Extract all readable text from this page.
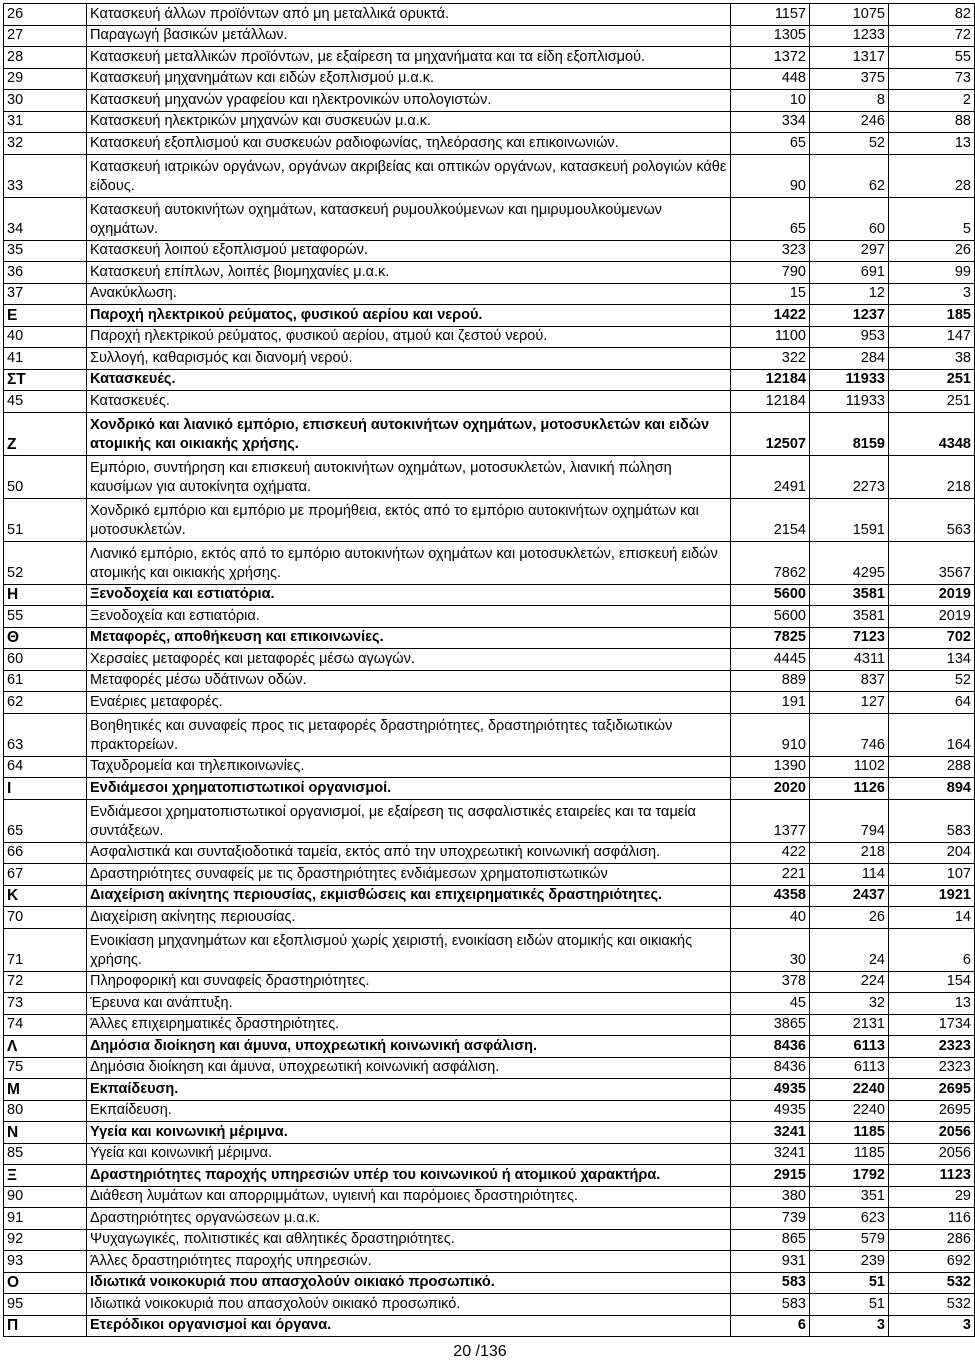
26	Κατασκευή άλλων προϊόντων από μη μεταλλικά ορυκτά.	1157	1075	82
27	Παραγωγή βασικών μετάλλων.	1305	1233	72
28	Κατασκευή μεταλλικών προϊόντων, με εξαίρεση τα μηχανήματα και τα είδη εξοπλισμού.	1372	1317	55
29	Κατασκευή μηχανημάτων και ειδών εξοπλισμού μ.α.κ.	448	375	73
30	Κατασκευή μηχανών γραφείου και ηλεκτρονικών υπολογιστών.	10	8	2
31	Κατασκευή ηλεκτρικών μηχανών και συσκευών μ.α.κ.	334	246	88
32	Κατασκευή εξοπλισμού και συσκευών ραδιοφωνίας, τηλεόρασης και επικοινωνιών.	65	52	13
33	Κατασκευή ιατρικών οργάνων, οργάνων ακριβείας και οπτικών οργάνων, κατασκευή ρολογιών κάθε είδους.	90	62	28
34	Κατασκευή αυτοκινήτων οχημάτων, κατασκευή ρυμουλκούμενων και ημιρυμουλκούμενων οχημάτων.	65	60	5
35	Κατασκευή λοιπού εξοπλισμού μεταφορών.	323	297	26
36	Κατασκευή επίπλων, λοιπές βιομηχανίες μ.α.κ.	790	691	99
37	Ανακύκλωση.	15	12	3
Ε	Παροχή ηλεκτρικού ρεύματος, φυσικού αερίου και νερού.	1422	1237	185
40	Παροχή ηλεκτρικού ρεύματος, φυσικού αερίου, ατμού και ζεστού νερού.	1100	953	147
41	Συλλογή, καθαρισμός και διανομή νερού.	322	284	38
ΣΤ	Κατασκευές.	12184	11933	251
45	Κατασκευές.	12184	11933	251
Ζ	Χονδρικό και λιανικό εμπόριο, επισκευή αυτοκινήτων οχημάτων, μοτοσυκλετών και ειδών ατομικής και οικιακής χρήσης.	12507	8159	4348
50	Εμπόριο, συντήρηση και επισκευή αυτοκινήτων οχημάτων, μοτοσυκλετών, λιανική πώληση καυσίμων για αυτοκίνητα οχήματα.	2491	2273	218
51	Χονδρικό εμπόριο και εμπόριο με προμήθεια, εκτός από το εμπόριο αυτοκινήτων οχημάτων και μοτοσυκλετών.	2154	1591	563
52	Λιανικό εμπόριο, εκτός από το εμπόριο αυτοκινήτων οχημάτων και μοτοσυκλετών, επισκευή ειδών ατομικής και οικιακής χρήσης.	7862	4295	3567
Η	Ξενοδοχεία και εστιατόρια.	5600	3581	2019
55	Ξενοδοχεία και εστιατόρια.	5600	3581	2019
Θ	Μεταφορές, αποθήκευση και επικοινωνίες.	7825	7123	702
60	Χερσαίες μεταφορές και μεταφορές μέσω αγωγών.	4445	4311	134
61	Μεταφορές μέσω υδάτινων οδών.	889	837	52
62	Εναέριες μεταφορές.	191	127	64
63	Βοηθητικές και συναφείς προς τις μεταφορές δραστηριότητες, δραστηριότητες ταξιδιωτικών πρακτορείων.	910	746	164
64	Ταχυδρομεία και τηλεπικοινωνίες.	1390	1102	288
Ι	Ενδιάμεσοι χρηματοπιστωτικοί οργανισμοί.	2020	1126	894
65	Ενδιάμεσοι χρηματοπιστωτικοί οργανισμοί, με εξαίρεση τις ασφαλιστικές εταιρείες και τα ταμεία συντάξεων.	1377	794	583
66	Ασφαλιστικά και συνταξιοδοτικά ταμεία, εκτός από την υποχρεωτική κοινωνική ασφάλιση.	422	218	204
67	Δραστηριότητες συναφείς με τις δραστηριότητες ενδιάμεσων χρηματοπιστωτικών	221	114	107
Κ	Διαχείριση ακίνητης περιουσίας, εκμισθώσεις και επιχειρηματικές δραστηριότητες.	4358	2437	1921
70	Διαχείριση ακίνητης περιουσίας.	40	26	14
71	Ενοικίαση μηχανημάτων και εξοπλισμού χωρίς χειριστή, ενοικίαση ειδών ατομικής και οικιακής χρήσης.	30	24	6
72	Πληροφορική και συναφείς δραστηριότητες.	378	224	154
73	Έρευνα και ανάπτυξη.	45	32	13
74	Άλλες επιχειρηματικές δραστηριότητες.	3865	2131	1734
Λ	Δημόσια διοίκηση και άμυνα, υποχρεωτική κοινωνική ασφάλιση.	8436	6113	2323
75	Δημόσια διοίκηση και άμυνα, υποχρεωτική κοινωνική ασφάλιση.	8436	6113	2323
Μ	Εκπαίδευση.	4935	2240	2695
80	Εκπαίδευση.	4935	2240	2695
Ν	Υγεία και κοινωνική μέριμνα.	3241	1185	2056
85	Υγεία και κοινωνική μέριμνα.	3241	1185	2056
Ξ	Δραστηριότητες παροχής υπηρεσιών υπέρ του κοινωνικού ή ατομικού χαρακτήρα.	2915	1792	1123
90	Διάθεση λυμάτων και απορριμμάτων, υγιεινή και παρόμοιες δραστηριότητες.	380	351	29
91	Δραστηριότητες οργανώσεων μ.α.κ.	739	623	116
92	Ψυχαγωγικές, πολιτιστικές και αθλητικές δραστηριότητες.	865	579	286
93	Άλλες δραστηριότητες παροχής υπηρεσιών.	931	239	692
Ο	Ιδιωτικά νοικοκυριά που απασχολούν οικιακό προσωπικό.	583	51	532
95	Ιδιωτικά νοικοκυριά που απασχολούν οικιακό προσωπικό.	583	51	532
Π	Ετερόδικοι οργανισμοί και όργανα.	6	3	3
20 /136
